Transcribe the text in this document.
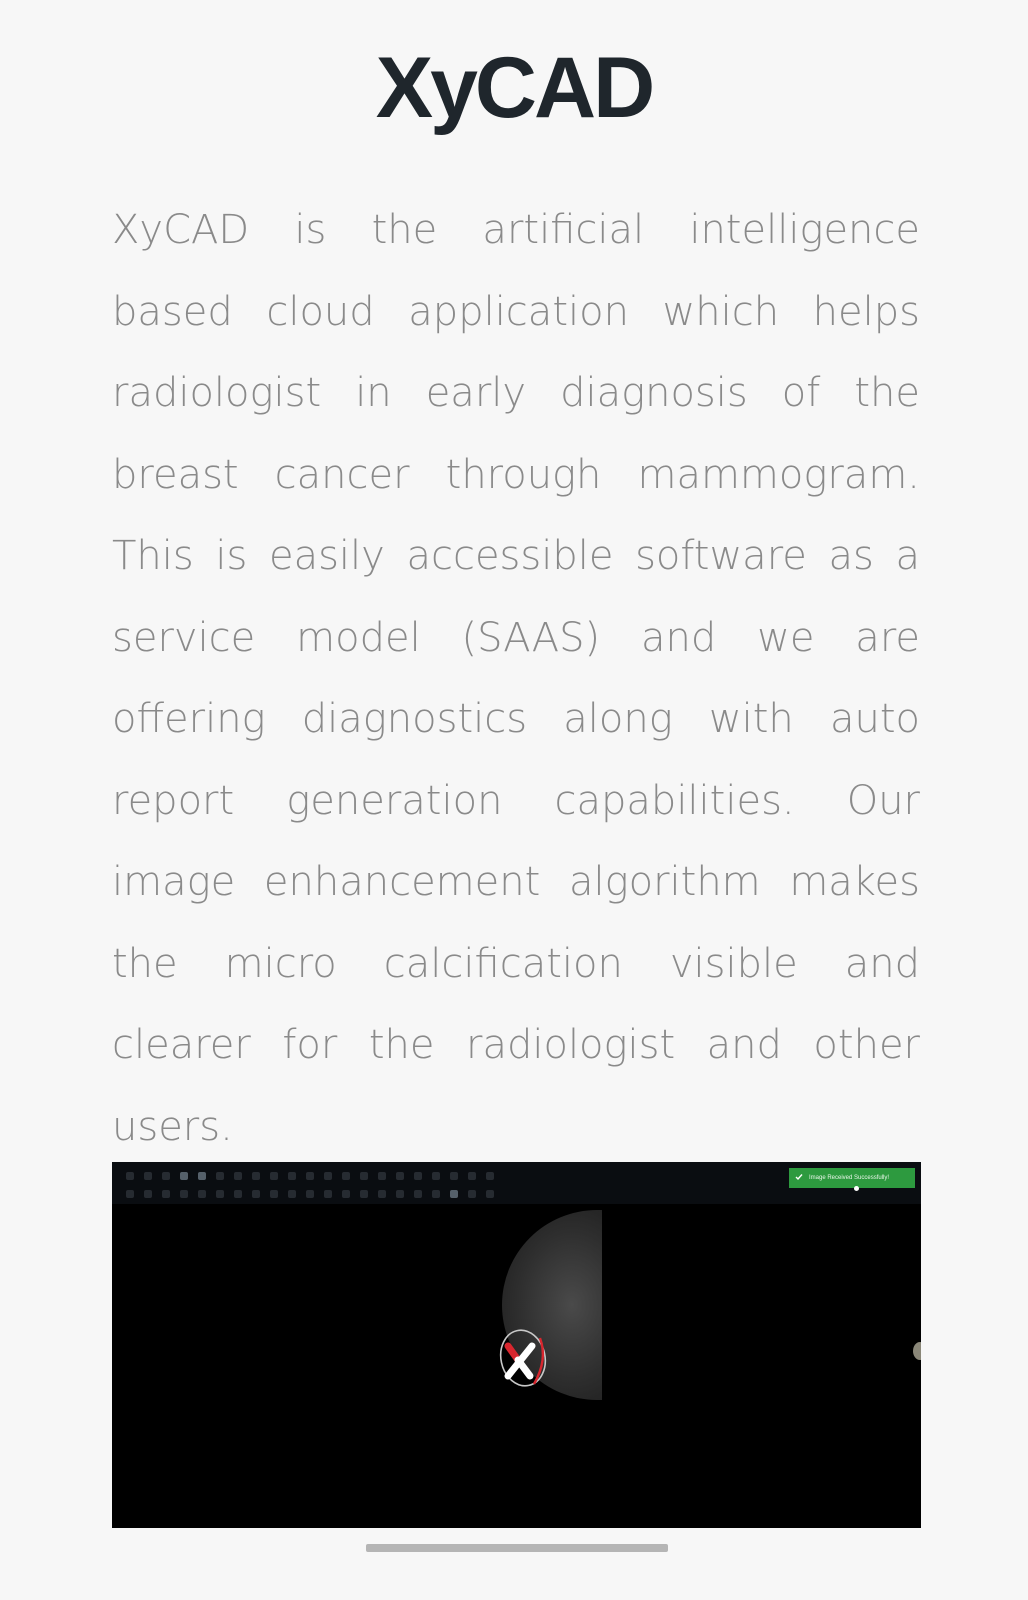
XyCAD

XyCAD is the artificial intelligence based cloud application which helps radiologist in early diagnosis of the breast cancer through mammogram. This is easily accessible software as a service model (SAAS) and we are offering diagnostics along with auto report generation capabilities. Our image enhancement algorithm makes the micro calcification visible and clearer for the radiologist and other users.

Image Received Successfully!
